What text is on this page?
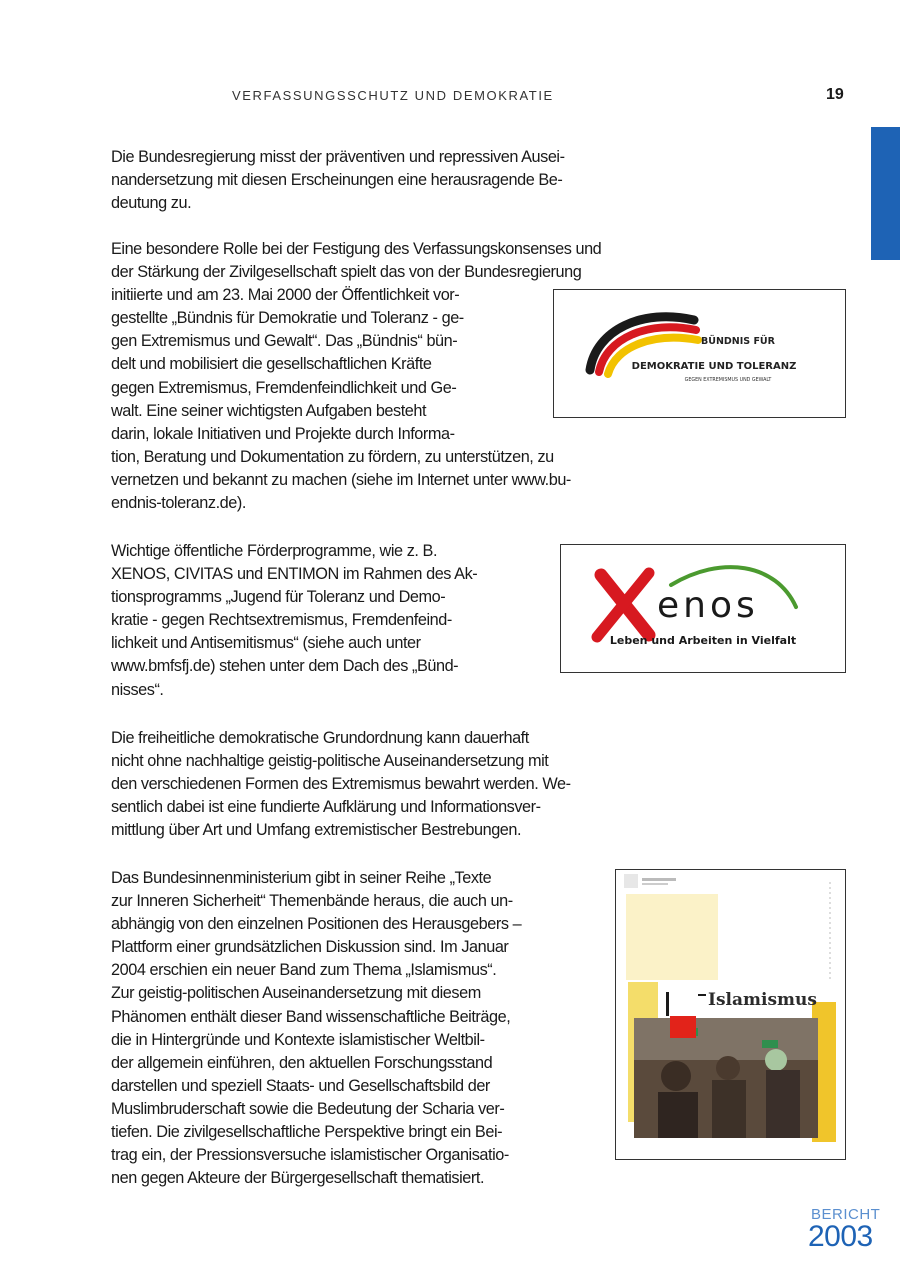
VERFASSUNGSSCHUTZ UND DEMOKRATIE	19

Die Bundesregierung misst der präventiven und repressiven Ausei-
nandersetzung mit diesen Erscheinungen eine herausragende Be-
deutung zu.

Eine besondere Rolle bei der Festigung des Verfassungskonsenses und
der Stärkung der Zivilgesellschaft spielt das von der Bundesregierung
initiierte und am 23. Mai 2000 der Öffentlichkeit vor-
gestellte „Bündnis für Demokratie und Toleranz - ge-
gen Extremismus und Gewalt“. Das „Bündnis“ bün-
delt und mobilisiert die gesellschaftlichen Kräfte
gegen Extremismus, Fremdenfeindlichkeit und Ge-
walt. Eine seiner wichtigsten Aufgaben besteht
darin, lokale Initiativen und Projekte durch Informa-
tion, Beratung und Dokumentation zu fördern, zu unterstützen, zu
vernetzen und bekannt zu machen (siehe im Internet unter www.bu-
endnis-toleranz.de).

Wichtige öffentliche Förderprogramme, wie z. B.
XENOS, CIVITAS und ENTIMON im Rahmen des Ak-
tionsprogramms „Jugend für Toleranz und Demo-
kratie - gegen Rechtsextremismus, Fremdenfeind-
lichkeit und Antisemitismus“ (siehe auch unter
www.bmfsfj.de) stehen unter dem Dach des „Bünd-
nisses“.

Die freiheitliche demokratische Grundordnung kann dauerhaft
nicht ohne nachhaltige geistig-politische Auseinandersetzung mit
den verschiedenen Formen des Extremismus bewahrt werden. We-
sentlich dabei ist eine fundierte Aufklärung und Informationsver-
mittlung über Art und Umfang extremistischer Bestrebungen.

Das Bundesinnenministerium gibt in seiner Reihe „Texte
zur Inneren Sicherheit“ Themenbände heraus, die auch un-
abhängig von den einzelnen Positionen des Herausgebers –
Plattform einer grundsätzlichen Diskussion sind. Im Januar
2004 erschien ein neuer Band zum Thema „Islamismus“.
Zur geistig-politischen Auseinandersetzung mit diesem
Phänomen enthält dieser Band wissenschaftliche Beiträge,
die in Hintergründe und Kontexte islamistischer Weltbil-
der allgemein einführen, den aktuellen Forschungsstand
darstellen und speziell Staats- und Gesellschaftsbild der
Muslimbruderschaft sowie die Bedeutung der Scharia ver-
tiefen. Die zivilgesellschaftliche Perspektive bringt ein Bei-
trag ein, der Pressionsversuche islamistischer Organisatio-
nen gegen Akteure der Bürgergesellschaft thematisiert.

BÜNDNIS FÜR
DEMOKRATIE UND TOLERANZ
GEGEN EXTREMISMUS UND GEWALT
enos
Leben und Arbeiten in Vielfalt
Islamismus
BERICHT
2003
